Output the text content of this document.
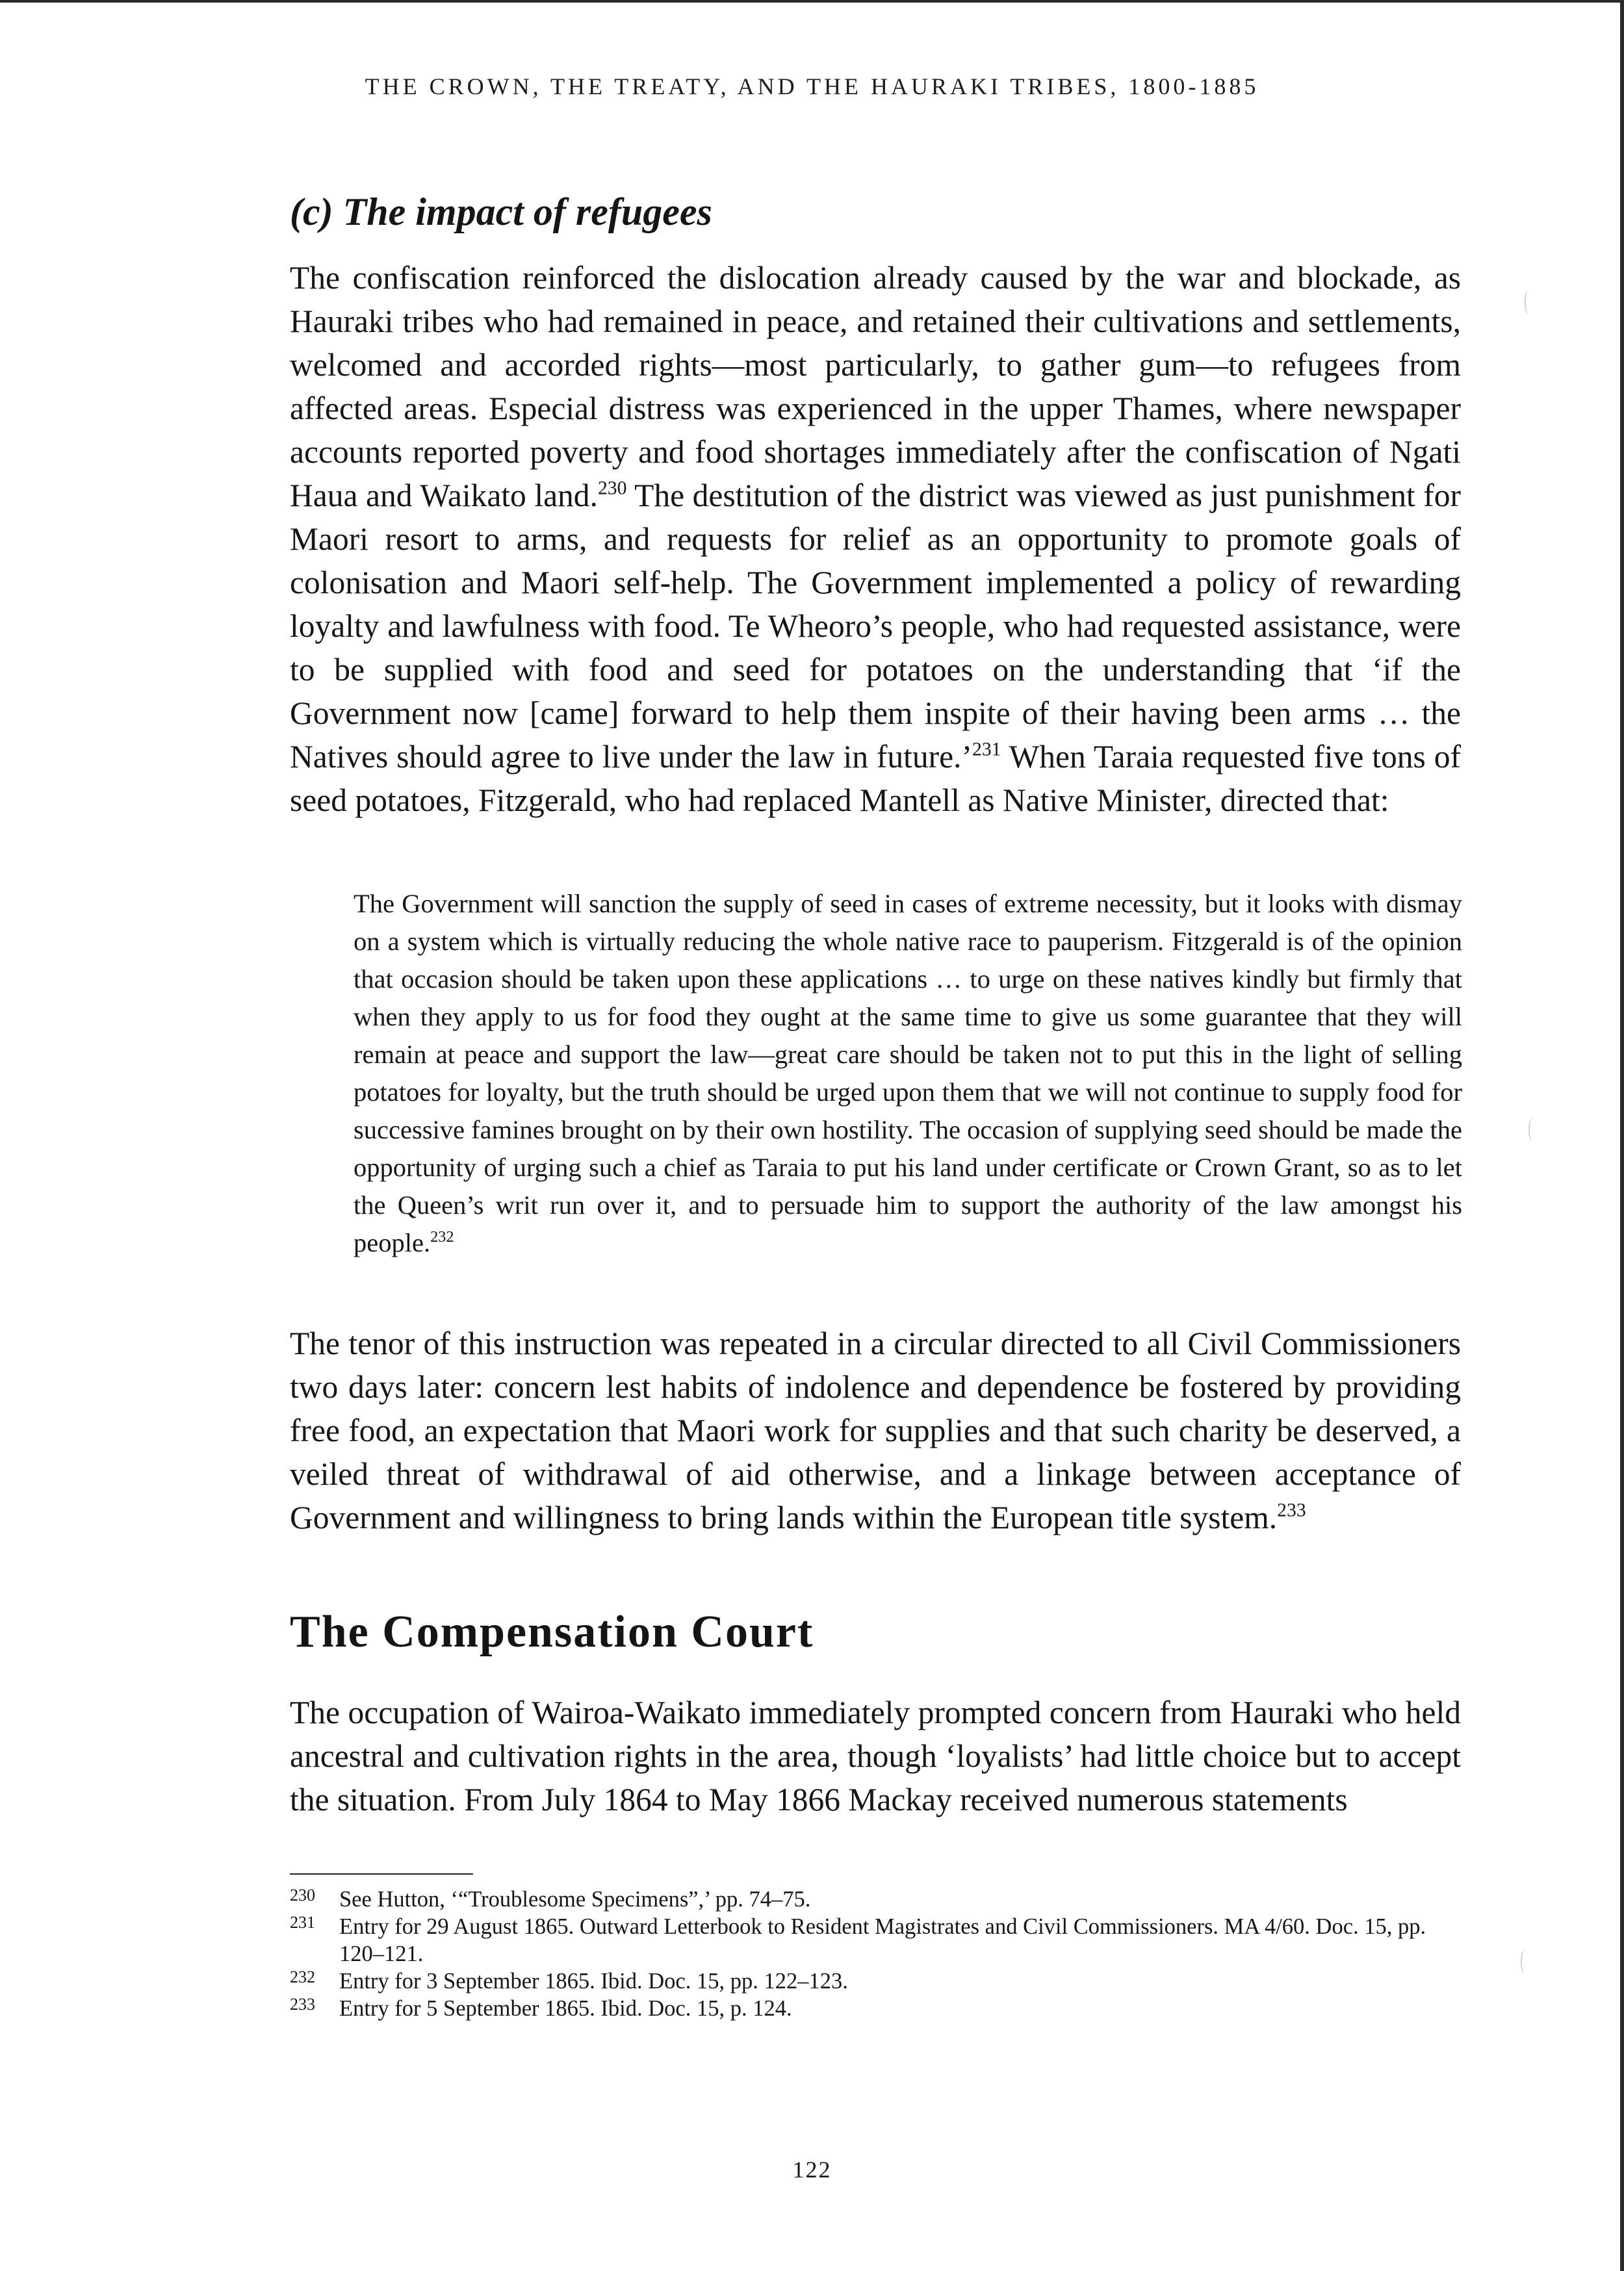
THE CROWN, THE TREATY, AND THE HAURAKI TRIBES, 1800-1885
(c) The impact of refugees

The confiscation reinforced the dislocation already caused by the war and blockade, as Hauraki tribes who had remained in peace, and retained their cultivations and settlements, welcomed and accorded rights—most particularly, to gather gum—to refugees from affected areas. Especial distress was experienced in the upper Thames, where newspaper accounts reported poverty and food shortages immediately after the confiscation of Ngati Haua and Waikato land.$^{230}$ The destitution of the district was viewed as just punishment for Maori resort to arms, and requests for relief as an opportunity to promote goals of colonisation and Maori self-help. The Government implemented a policy of rewarding loyalty and lawfulness with food. Te Wheoro’s people, who had requested assistance, were to be supplied with food and seed for potatoes on the understanding that ‘if the Government now [came] forward to help them inspite of their having been arms … the Natives should agree to live under the law in future.’$^{231}$ When Taraia requested five tons of seed potatoes, Fitzgerald, who had replaced Mantell as Native Minister, directed that:

The Government will sanction the supply of seed in cases of extreme necessity, but it looks with dismay on a system which is virtually reducing the whole native race to pauperism. Fitzgerald is of the opinion that occasion should be taken upon these applications … to urge on these natives kindly but firmly that when they apply to us for food they ought at the same time to give us some guarantee that they will remain at peace and support the law—great care should be taken not to put this in the light of selling potatoes for loyalty, but the truth should be urged upon them that we will not continue to supply food for successive famines brought on by their own hostility. The occasion of supplying seed should be made the opportunity of urging such a chief as Taraia to put his land under certificate or Crown Grant, so as to let the Queen’s writ run over it, and to persuade him to support the authority of the law amongst his people.$^{232}$

The tenor of this instruction was repeated in a circular directed to all Civil Commissioners two days later: concern lest habits of indolence and dependence be fostered by providing free food, an expectation that Maori work for supplies and that such charity be deserved, a veiled threat of withdrawal of aid otherwise, and a linkage between acceptance of Government and willingness to bring lands within the European title system.$^{233}$

The Compensation Court

The occupation of Wairoa-Waikato immediately prompted concern from Hauraki who held ancestral and cultivation rights in the area, though ‘loyalists’ had little choice but to accept the situation. From July 1864 to May 1866 Mackay received numerous statements

230 See Hutton, ‘“Troublesome Specimens”,’ pp. 74–75.
231 Entry for 29 August 1865. Outward Letterbook to Resident Magistrates and Civil Commissioners. MA 4/60. Doc. 15, pp. 120–121.
232 Entry for 3 September 1865. Ibid. Doc. 15, pp. 122–123.
233 Entry for 5 September 1865. Ibid. Doc. 15, p. 124.
122
